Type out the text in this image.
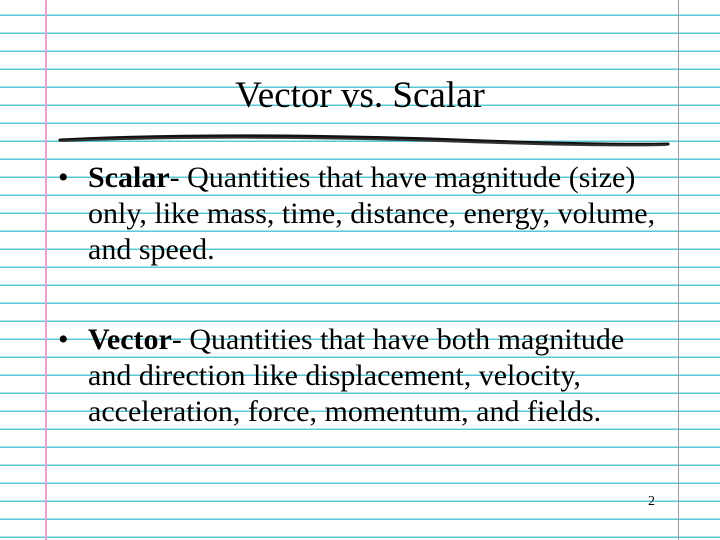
Vector vs. Scalar
• Scalar- Quantities that have magnitude (size) only, like mass, time, distance, energy, volume, and speed.
• Vector- Quantities that have both magnitude and direction like displacement, velocity, acceleration, force, momentum, and fields.
2
